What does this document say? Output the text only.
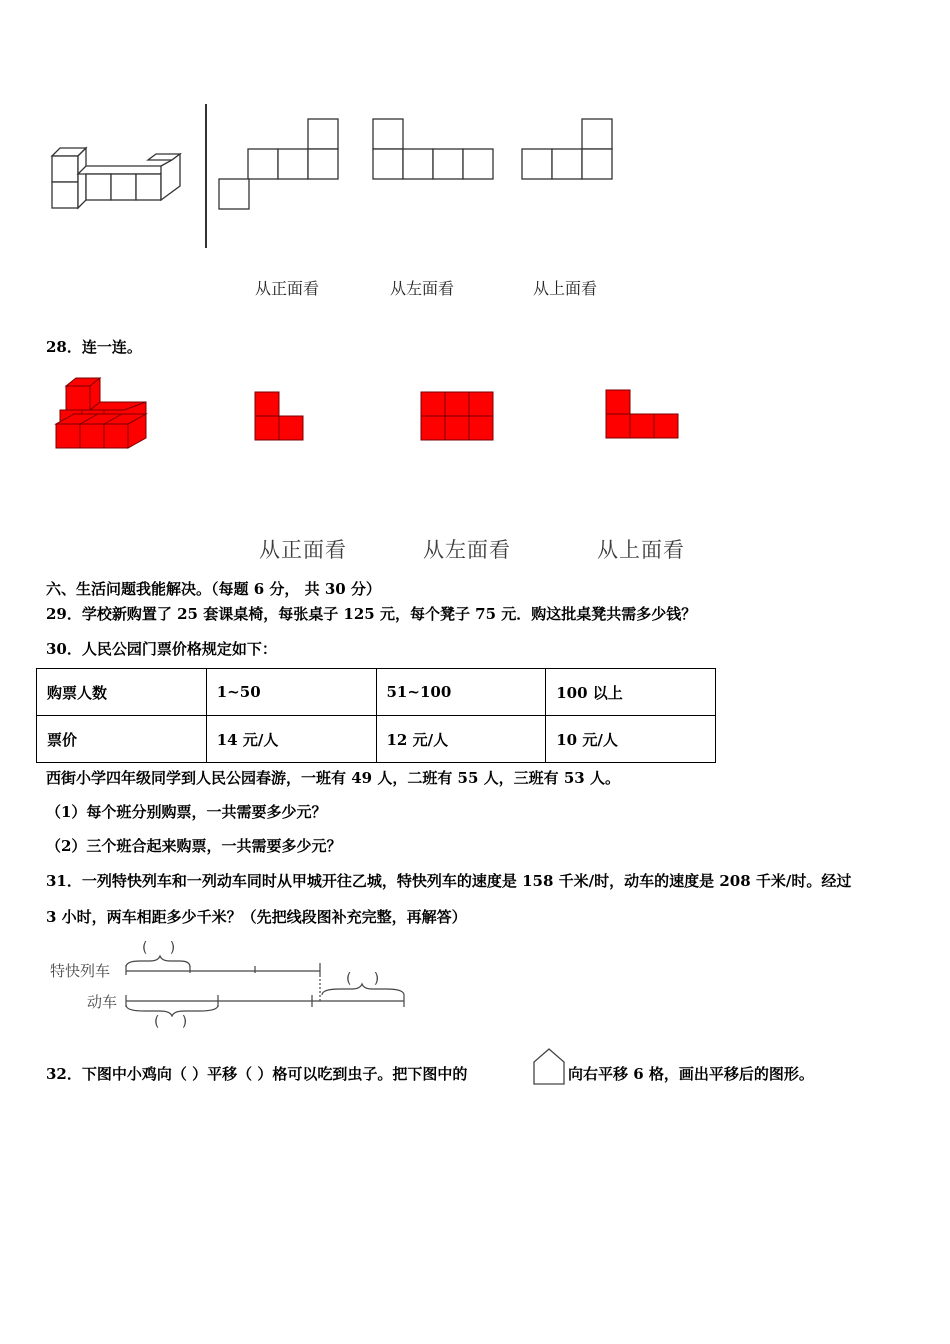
从正面看	从左面看	从上面看
28．连一连。
从正面看	从左面看	从上面看
六、生活问题我能解决。（每题 6 分， 共 30 分）
29．学校新购置了 25 套课桌椅，每张桌子 125 元，每个凳子 75 元．购这批桌凳共需多少钱？
30．人民公园门票价格规定如下：
购票人数	1~50	51~100	100 以上
票价	14 元/人	12 元/人	10 元/人
西街小学四年级同学到人民公园春游，一班有 49 人，二班有 55 人，三班有 53 人。
（1）每个班分别购票，一共需要多少元？
（2）三个班合起来购票，一共需要多少元？
31．一列特快列车和一列动车同时从甲城开往乙城，特快列车的速度是 158 千米/时，动车的速度是 208 千米/时。经过
3 小时，两车相距多少千米？（先把线段图补充完整，再解答）
特快列车
动车
(     )
(     )
(     )
32．下图中小鸡向（ ）平移（ ）格可以吃到虫子。把下图中的	向右平移 6 格，画出平移后的图形。
